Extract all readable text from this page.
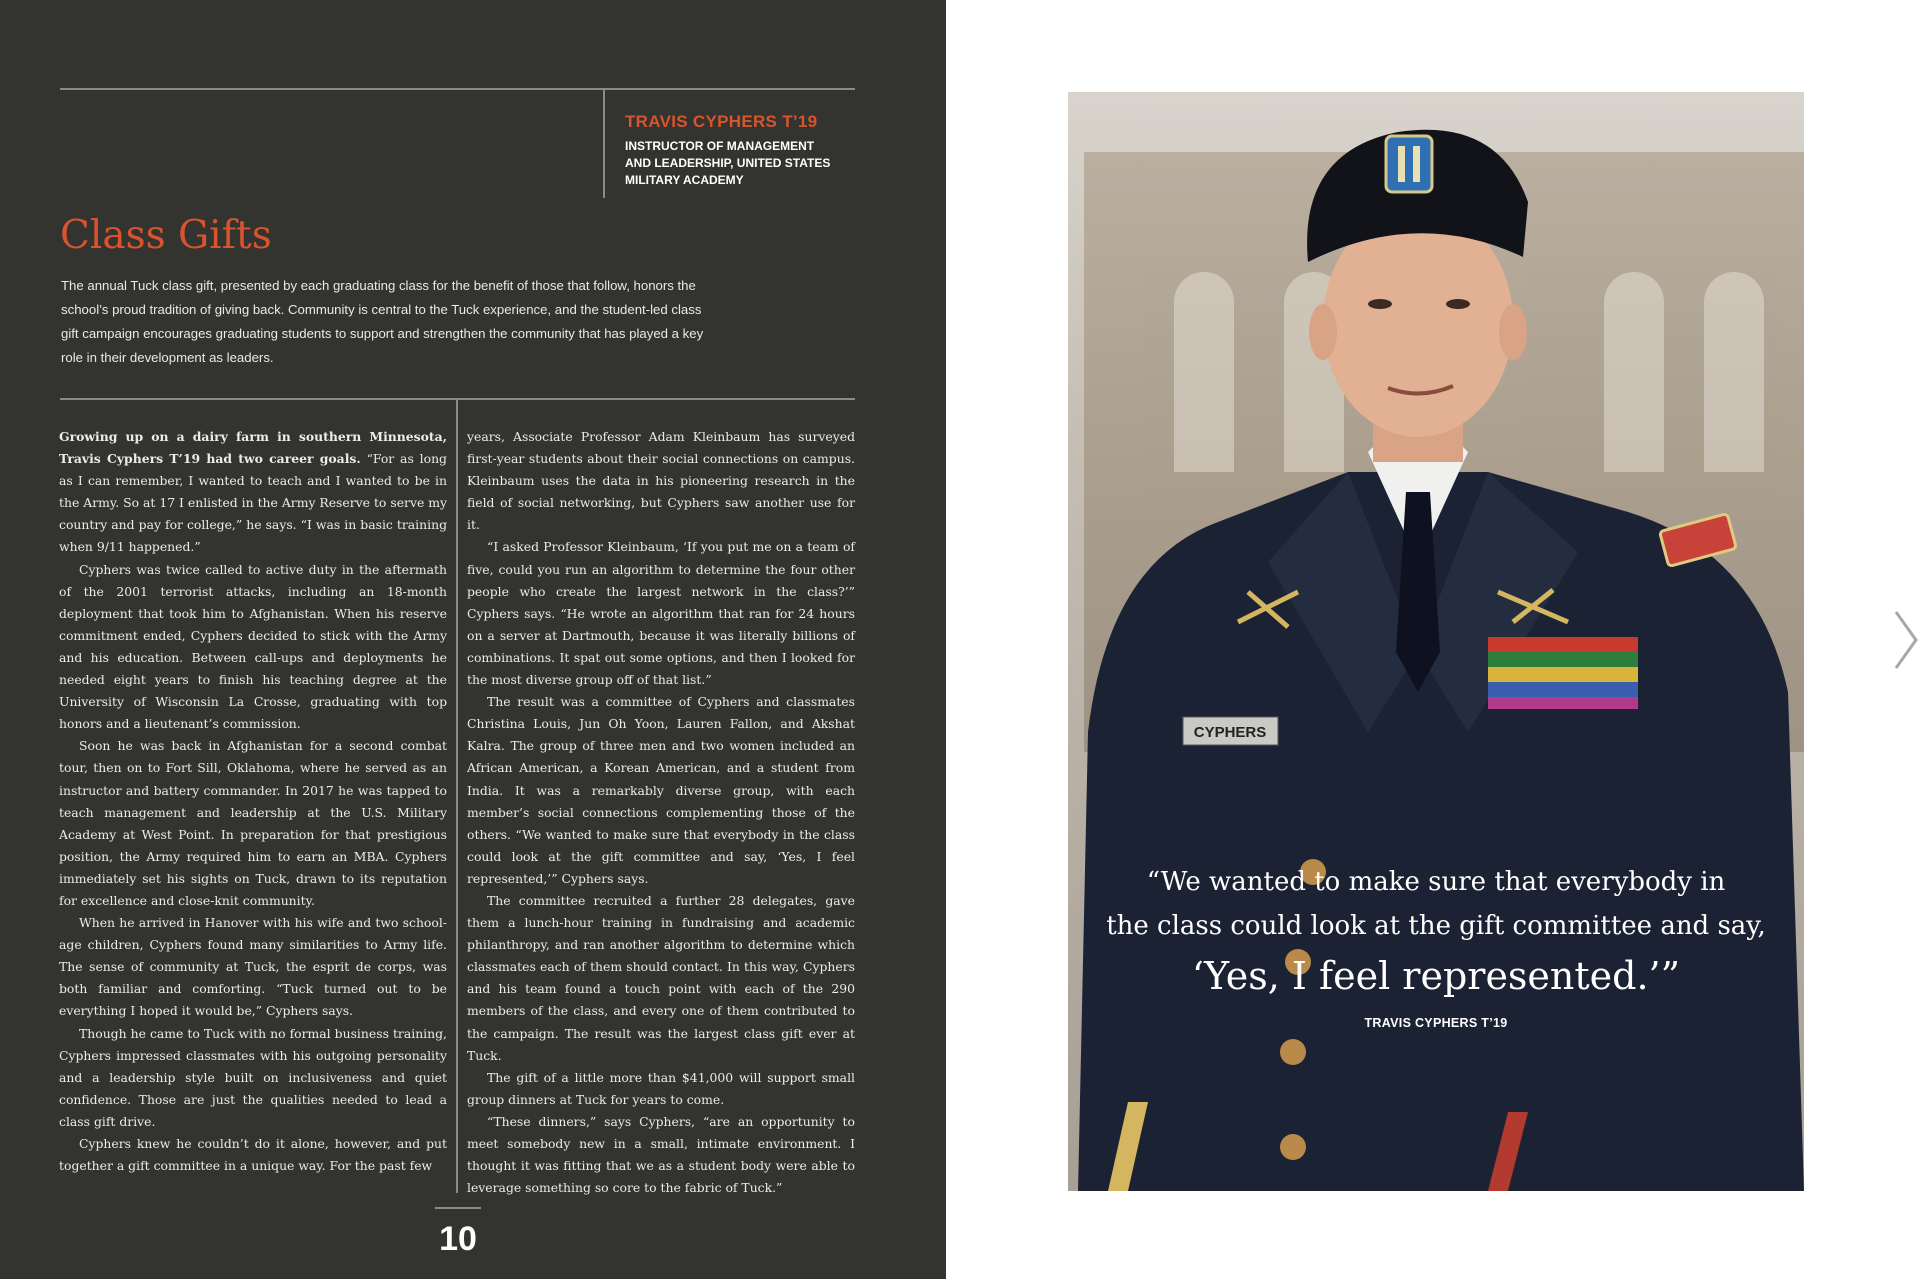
TRAVIS CYPHERS T’19
INSTRUCTOR OF MANAGEMENT
AND LEADERSHIP, UNITED STATES
MILITARY ACADEMY
Class Gifts
The annual Tuck class gift, presented by each graduating class for the benefit of those that follow, honors the school’s proud tradition of giving back. Community is central to the Tuck experience, and the student-led class gift campaign encourages graduating students to support and strengthen the community that has played a key role in their development as leaders.

Growing up on a dairy farm in southern Minnesota, Travis Cyphers T’19 had two career goals. “For as long as I can remember, I wanted to teach and I wanted to be in the Army. So at 17 I enlisted in the Army Reserve to serve my country and pay for college,” he says. “I was in basic training when 9/11 happened.”

Cyphers was twice called to active duty in the aftermath of the 2001 terrorist attacks, including an 18-month deployment that took him to Afghanistan. When his reserve commitment ended, Cyphers decided to stick with the Army and his education. Between call-ups and deployments he needed eight years to finish his teaching degree at the University of Wisconsin La Crosse, graduating with top honors and a lieutenant’s commission.

Soon he was back in Afghanistan for a second combat tour, then on to Fort Sill, Oklahoma, where he served as an instructor and battery commander. In 2017 he was tapped to teach management and leadership at the U.S. Military Academy at West Point. In preparation for that prestigious position, the Army required him to earn an MBA. Cyphers immediately set his sights on Tuck, drawn to its reputation for excellence and close-knit community.

When he arrived in Hanover with his wife and two school-age children, Cyphers found many similarities to Army life. The sense of community at Tuck, the esprit de corps, was both familiar and comforting. “Tuck turned out to be everything I hoped it would be,” Cyphers says.

Though he came to Tuck with no formal business training, Cyphers impressed classmates with his outgoing personality and a leadership style built on inclusiveness and quiet confidence. Those are just the qualities needed to lead a class gift drive.

Cyphers knew he couldn’t do it alone, however, and put together a gift committee in a unique way. For the past few

years, Associate Professor Adam Kleinbaum has surveyed first-year students about their social connections on campus. Kleinbaum uses the data in his pioneering research in the field of social networking, but Cyphers saw another use for it.

“I asked Professor Kleinbaum, ‘If you put me on a team of five, could you run an algorithm to determine the four other people who create the largest network in the class?’” Cyphers says. “He wrote an algorithm that ran for 24 hours on a server at Dartmouth, because it was literally billions of combinations. It spat out some options, and then I looked for the most diverse group off of that list.”

The result was a committee of Cyphers and classmates Christina Louis, Jun Oh Yoon, Lauren Fallon, and Akshat Kalra. The group of three men and two women included an African American, a Korean American, and a student from India. It was a remarkably diverse group, with each member’s social connections complementing those of the others. “We wanted to make sure that everybody in the class could look at the gift committee and say, ‘Yes, I feel represented,’” Cyphers says.

The committee recruited a further 28 delegates, gave them a lunch-hour training in fundraising and academic philanthropy, and ran another algorithm to determine which classmates each of them should contact. In this way, Cyphers and his team found a touch point with each of the 290 members of the class, and every one of them contributed to the campaign. The result was the largest class gift ever at Tuck.

The gift of a little more than $41,000 will support small group dinners at Tuck for years to come.

“These dinners,” says Cyphers, “are an opportunity to meet somebody new in a small, intimate environment. I thought it was fitting that we as a student body were able to leverage something so core to the fabric of Tuck.”

10
CYPHERS
“We wanted to make sure that everybody in
the class could look at the gift committee and say,
‘Yes, I feel represented.’”
TRAVIS CYPHERS T’19
